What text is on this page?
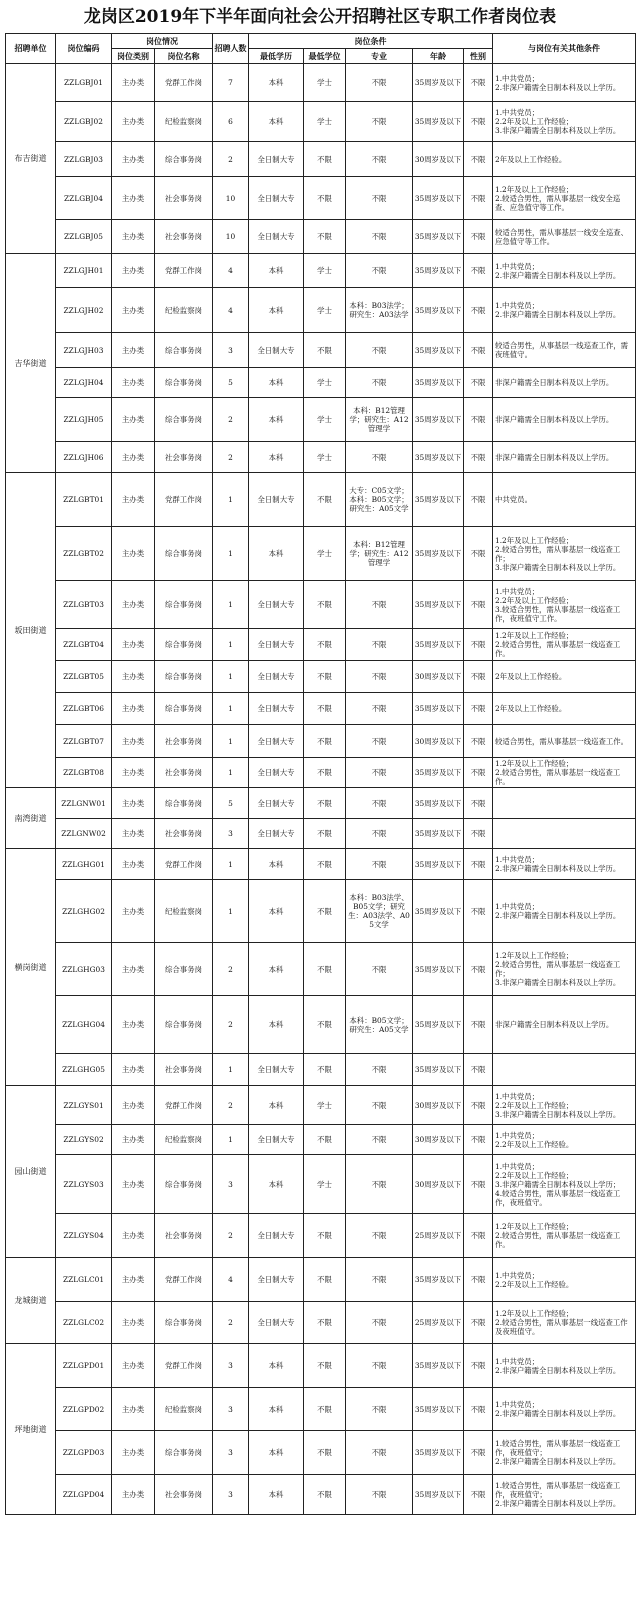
龙岗区2019年下半年面向社会公开招聘社区专职工作者岗位表
招聘单位	岗位编码	岗位情况		招聘人数	岗位条件					与岗位有关其他条件
		岗位类别	岗位名称		最低学历	最低学位	专业	年龄	性别	
布吉街道	ZZLGBJ01	主办类	党群工作岗	7	本科	学士	不限	35周岁及以下	不限	1.中共党员；
2.非深户籍需全日制本科及以上学历。
	ZZLGBJ02	主办类	纪检监察岗	6	本科	学士	不限	35周岁及以下	不限	1.中共党员；
2.2年及以上工作经验；
3.非深户籍需全日制本科及以上学历。
	ZZLGBJ03	主办类	综合事务岗	2	全日制大专	不限	不限	30周岁及以下	不限	2年及以上工作经验。
	ZZLGBJ04	主办类	社会事务岗	10	全日制大专	不限	不限	35周岁及以下	不限	1.2年及以上工作经验；
2.较适合男性，需从事基层一线安全巡查、应急值守等工作。
	ZZLGBJ05	主办类	社会事务岗	10	全日制大专	不限	不限	35周岁及以下	不限	较适合男性，需从事基层一线安全巡查、应急值守等工作。
吉华街道	ZZLGJH01	主办类	党群工作岗	4	本科	学士	不限	35周岁及以下	不限	1.中共党员；
2.非深户籍需全日制本科及以上学历。
	ZZLGJH02	主办类	纪检监察岗	4	本科	学士	本科：B03法学；研究生：A03法学	35周岁及以下	不限	1.中共党员；
2.非深户籍需全日制本科及以上学历。
	ZZLGJH03	主办类	综合事务岗	3	全日制大专	不限	不限	35周岁及以下	不限	较适合男性，从事基层一线巡查工作，需夜班值守。
	ZZLGJH04	主办类	综合事务岗	5	本科	学士	不限	35周岁及以下	不限	非深户籍需全日制本科及以上学历。
	ZZLGJH05	主办类	综合事务岗	2	本科	学士	本科：B12管理学；研究生：A12管理学	35周岁及以下	不限	非深户籍需全日制本科及以上学历。
	ZZLGJH06	主办类	社会事务岗	2	本科	学士	不限	35周岁及以下	不限	非深户籍需全日制本科及以上学历。
坂田街道	ZZLGBT01	主办类	党群工作岗	1	全日制大专	不限	大专：C05文学；本科：B05文学；研究生：A05文学	35周岁及以下	不限	中共党员。
	ZZLGBT02	主办类	综合事务岗	1	本科	学士	本科：B12管理学；研究生：A12管理学	35周岁及以下	不限	1.2年及以上工作经验；
2.较适合男性，需从事基层一线巡查工作；
3.非深户籍需全日制本科及以上学历。
	ZZLGBT03	主办类	综合事务岗	1	全日制大专	不限	不限	35周岁及以下	不限	1.中共党员；
2.2年及以上工作经验；
3.较适合男性，需从事基层一线巡查工作，夜班值守工作。
	ZZLGBT04	主办类	综合事务岗	1	全日制大专	不限	不限	35周岁及以下	不限	1.2年及以上工作经验；
2.较适合男性，需从事基层一线巡查工作。
	ZZLGBT05	主办类	综合事务岗	1	全日制大专	不限	不限	30周岁及以下	不限	2年及以上工作经验。
	ZZLGBT06	主办类	综合事务岗	1	全日制大专	不限	不限	35周岁及以下	不限	2年及以上工作经验。
	ZZLGBT07	主办类	社会事务岗	1	全日制大专	不限	不限	30周岁及以下	不限	较适合男性，需从事基层一线巡查工作。
	ZZLGBT08	主办类	社会事务岗	1	全日制大专	不限	不限	35周岁及以下	不限	1.2年及以上工作经验；
2.较适合男性，需从事基层一线巡查工作。
南湾街道	ZZLGNW01	主办类	综合事务岗	5	全日制大专	不限	不限	35周岁及以下	不限	
	ZZLGNW02	主办类	社会事务岗	3	全日制大专	不限	不限	35周岁及以下	不限	
横岗街道	ZZLGHG01	主办类	党群工作岗	1	本科	不限	不限	35周岁及以下	不限	1.中共党员；
2.非深户籍需全日制本科及以上学历。
	ZZLGHG02	主办类	纪检监察岗	1	本科	不限	本科：B03法学、B05文学；研究生：A03法学、A05文学	35周岁及以下	不限	1.中共党员；
2.非深户籍需全日制本科及以上学历。
	ZZLGHG03	主办类	综合事务岗	2	本科	不限	不限	35周岁及以下	不限	1.2年及以上工作经验；
2.较适合男性，需从事基层一线巡查工作；
3.非深户籍需全日制本科及以上学历。
	ZZLGHG04	主办类	综合事务岗	2	本科	不限	本科：B05文学；研究生：A05文学	35周岁及以下	不限	非深户籍需全日制本科及以上学历。
	ZZLGHG05	主办类	社会事务岗	1	全日制大专	不限	不限	35周岁及以下	不限	
园山街道	ZZLGYS01	主办类	党群工作岗	2	本科	学士	不限	30周岁及以下	不限	1.中共党员；
2.2年及以上工作经验；
3.非深户籍需全日制本科及以上学历。
	ZZLGYS02	主办类	纪检监察岗	1	全日制大专	不限	不限	30周岁及以下	不限	1.中共党员；
2.2年及以上工作经验。
	ZZLGYS03	主办类	综合事务岗	3	本科	学士	不限	30周岁及以下	不限	1.中共党员；
2.2年及以上工作经验；
3.非深户籍需全日制本科及以上学历；
4.较适合男性，需从事基层一线巡查工作，夜班值守。
	ZZLGYS04	主办类	社会事务岗	2	全日制大专	不限	不限	25周岁及以下	不限	1.2年及以上工作经验；
2.较适合男性，需从事基层一线巡查工作。
龙城街道	ZZLGLC01	主办类	党群工作岗	4	全日制大专	不限	不限	35周岁及以下	不限	1.中共党员；
2.2年及以上工作经验。
	ZZLGLC02	主办类	综合事务岗	2	全日制大专	不限	不限	25周岁及以下	不限	1.2年及以上工作经验；
2.较适合男性，需从事基层一线巡查工作及夜班值守。
坪地街道	ZZLGPD01	主办类	党群工作岗	3	本科	不限	不限	35周岁及以下	不限	1.中共党员；
2.非深户籍需全日制本科及以上学历。
	ZZLGPD02	主办类	纪检监察岗	3	本科	不限	不限	35周岁及以下	不限	1.中共党员；
2.非深户籍需全日制本科及以上学历。
	ZZLGPD03	主办类	综合事务岗	3	本科	不限	不限	35周岁及以下	不限	1.较适合男性，需从事基层一线巡查工作，夜班值守；
2.非深户籍需全日制本科及以上学历。
	ZZLGPD04	主办类	社会事务岗	3	本科	不限	不限	35周岁及以下	不限	1.较适合男性，需从事基层一线巡查工作，夜班值守；
2.非深户籍需全日制本科及以上学历。
